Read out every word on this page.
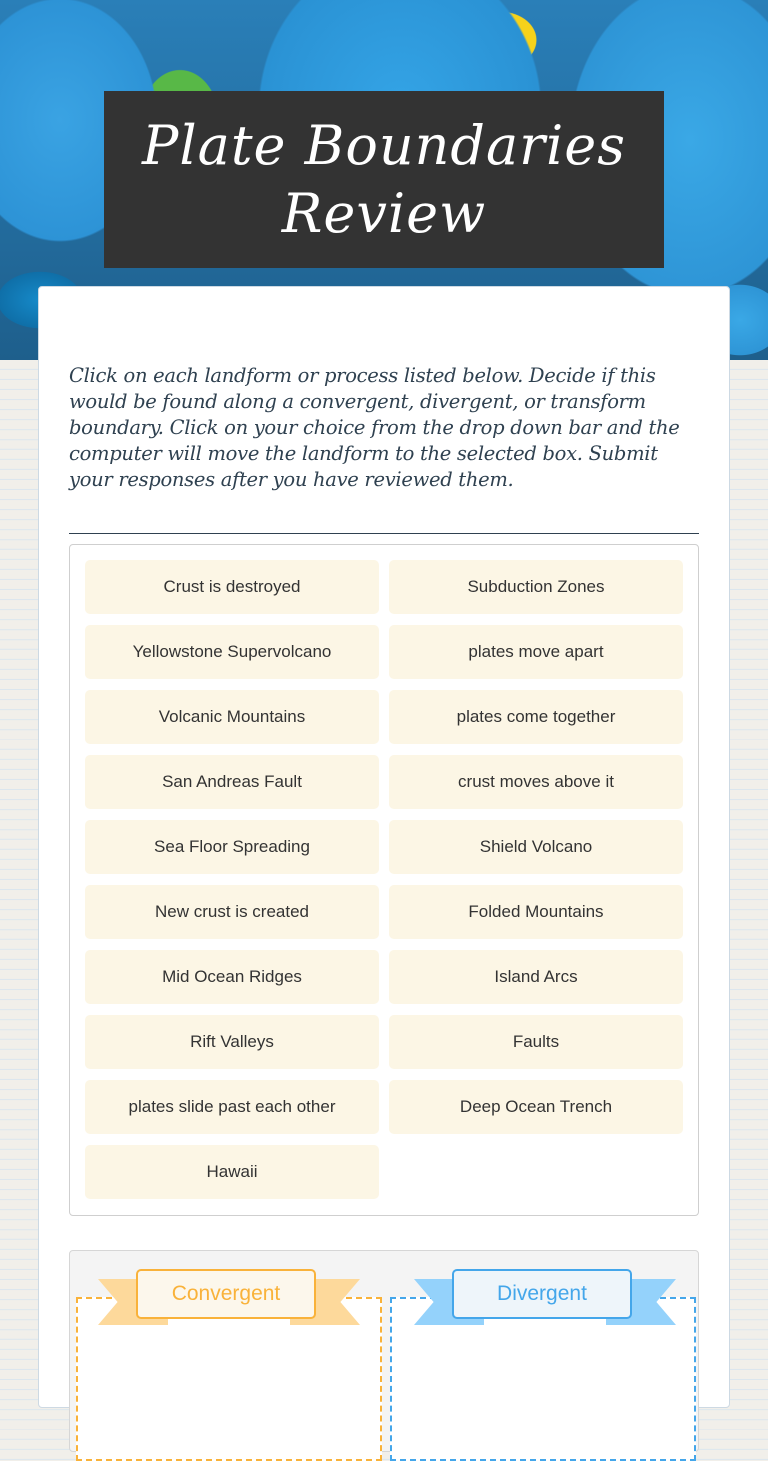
Plate Boundaries Review
Click on each landform or process listed below. Decide if this would be found along a convergent, divergent, or transform boundary. Click on your choice from the drop down bar and the computer will move the landform to the selected box. Submit your responses after you have reviewed them.
Crust is destroyed	Subduction Zones
Yellowstone Supervolcano	plates move apart
Volcanic Mountains	plates come together
San Andreas Fault	crust moves above it
Sea Floor Spreading	Shield Volcano
New crust is created	Folded Mountains
Mid Ocean Ridges	Island Arcs
Rift Valleys	Faults
plates slide past each other	Deep Ocean Trench
Hawaii
Convergent	Divergent
